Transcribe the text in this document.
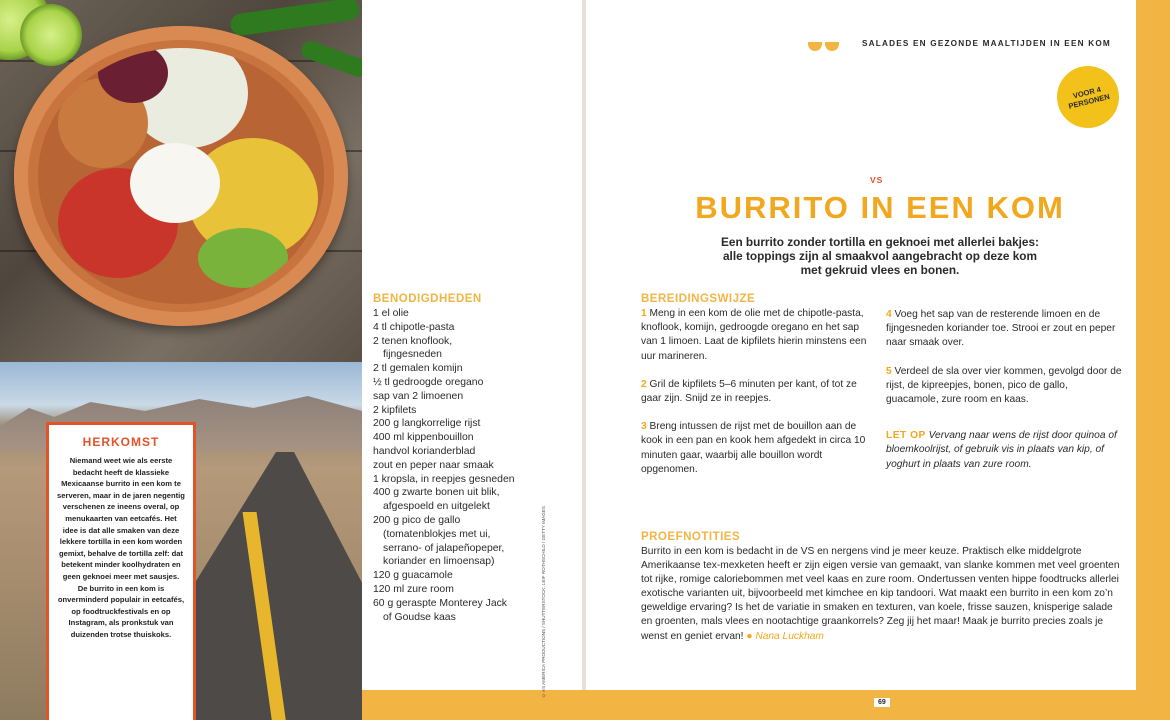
HERKOMST

Niemand weet wie als eerste bedacht heeft de klassieke Mexicaanse burrito in een kom te serveren, maar in de jaren negentig verschenen ze ineens overal, op menukaarten van eetcafés. Het idee is dat alle smaken van deze lekkere tortilla in een kom worden gemixt, behalve de tortilla zelf: dat betekent minder koolhydraten en geen geknoei meer met sausjes. De burrito in een kom is onverminderd populair in eetcafés, op foodtruckfestivals en op Instagram, als pronkstuk van duizenden trotse thuiskoks.

69
BENODIGDHEDEN
1 el olie
4 tl chipotle-pasta
2 tenen knoflook,
fijngesneden
2 tl gemalen komijn
½ tl gedroogde oregano
sap van 2 limoenen
2 kipfilets
200 g langkorrelige rijst
400 ml kippenbouillon
handvol korianderblad
zout en peper naar smaak
1 kropsla, in reepjes gesneden
400 g zwarte bonen uit blik,
afgespoeld en uitgelekt
200 g pico de gallo
(tomatenblokjes met ui,
serrano- of jalapeñopeper,
koriander en limoensap)
120 g guacamole
120 ml zure room
60 g geraspte Monterey Jack
of Goudse kaas	© AS AMERICA PRODUCTIONS / SHUTTERSTOCK; LEIF ROTHSCHILD / GETTY IMAGES
SALADES EN GEZONDE MAALTIJDEN IN EEN KOM
VOOR 4 PERSONEN
VS
BURRITO IN EEN KOM
Een burrito zonder tortilla en geknoei met allerlei bakjes: alle toppings zijn al smaakvol aangebracht op deze kom met gekruid vlees en bonen.
BEREIDINGSWIJZE

1 Meng in een kom de olie met de chipotle-pasta, knoflook, komijn, gedroogde oregano en het sap van 1 limoen. Laat de kipfilets hierin minstens een uur marineren.

2 Gril de kipfilets 5–6 minuten per kant, of tot ze gaar zijn. Snijd ze in reepjes.

3 Breng intussen de rijst met de bouillon aan de kook in een pan en kook hem afgedekt in circa 10 minuten gaar, waarbij alle bouillon wordt opgenomen.

4 Voeg het sap van de resterende limoen en de fijngesneden koriander toe. Strooi er zout en peper naar smaak over.

5 Verdeel de sla over vier kommen, gevolgd door de rijst, de kipreepjes, bonen, pico de gallo, guacamole, zure room en kaas.

LET OP Vervang naar wens de rijst door quinoa of bloemkoolrijst, of gebruik vis in plaats van kip, of yoghurt in plaats van zure room.

PROEFNOTITIES

Burrito in een kom is bedacht in de VS en nergens vind je meer keuze. Praktisch elke middelgrote Amerikaanse tex-mexketen heeft er zijn eigen versie van gemaakt, van slanke kommen met veel groenten tot rijke, romige caloriebommen met veel kaas en zure room. Ondertussen venten hippe foodtrucks allerlei exotische varianten uit, bijvoorbeeld met kimchee en kip tandoori. Wat maakt een burrito in een kom zo’n geweldige ervaring? Is het de variatie in smaken en texturen, van koele, frisse sauzen, knisperige salade en groenten, mals vlees en nootachtige graankorrels? Zeg jij het maar! Maak je burrito precies zoals je wenst en geniet ervan! ● Nana Luckham
